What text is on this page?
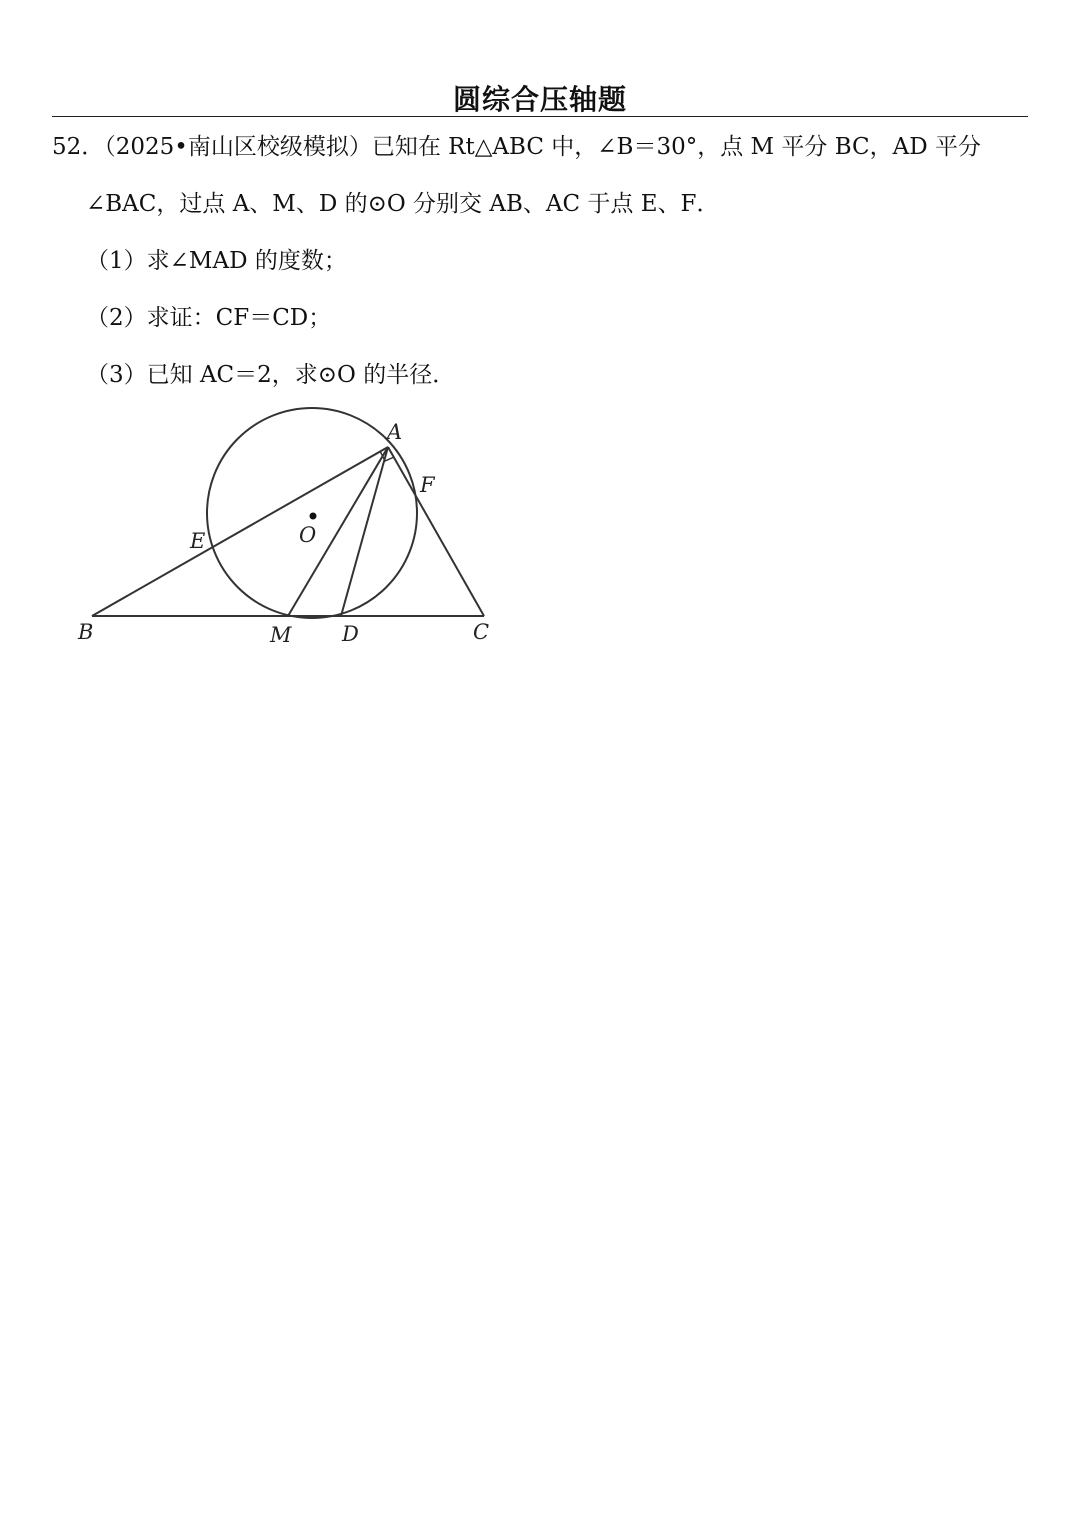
圆综合压轴题
52．（2025•南山区校级模拟）已知在 Rt△ABC 中，∠B＝30°，点 M 平分 BC，AD 平分
∠BAC，过点 A、M、D 的⊙O 分别交 AB、AC 于点 E、F．
（1）求∠MAD 的度数；
（2）求证：CF＝CD；
（3）已知 AC＝2，求⊙O 的半径．
A
B	C
D
E
F
M
O
